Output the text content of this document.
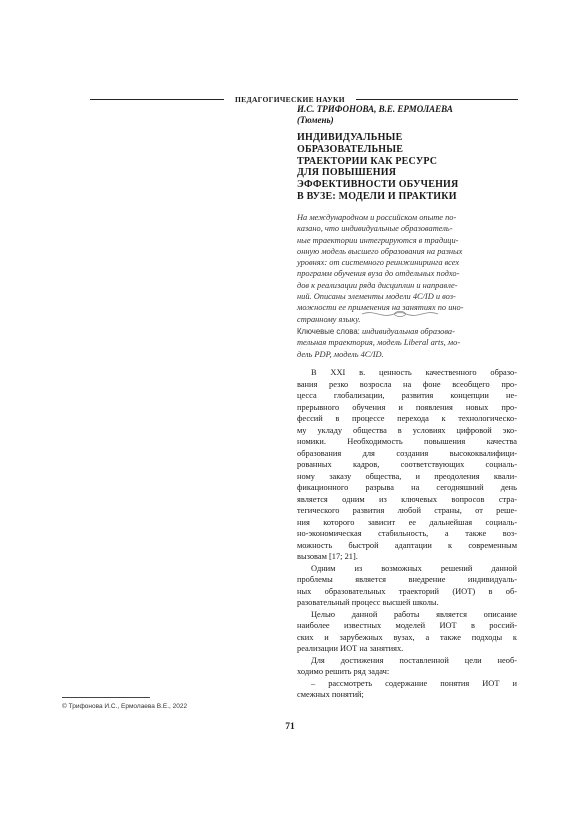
ПЕДАГОГИЧЕСКИЕ НАУКИ
И.С. ТРИФОНОВА, В.Е. ЕРМОЛАЕВА
(Тюмень)
ИНДИВИДУАЛЬНЫЕ
ОБРАЗОВАТЕЛЬНЫЕ
ТРАЕКТОРИИ КАК РЕСУРС
ДЛЯ ПОВЫШЕНИЯ
ЭФФЕКТИВНОСТИ ОБУЧЕНИЯ
В ВУЗЕ: МОДЕЛИ И ПРАКТИКИ
На международном и российском опыте по-
казано, что индивидуальные образователь-
ные траектории интегрируются в традици-
онную модель высшего образования на разных
уровнях: от системного реинжиниринга всех
программ обучения вуза до отдельных подхо-
дов к реализации ряда дисциплин и направле-
ний. Описаны элементы модели 4C/ID и воз-
можности ее применения на занятиях по ино-
странному языку.
Ключевые слова: индивидуальная образова-
тельная траектория, модель Liberal arts, мо-
дель PDP, модель 4C/ID.
В XXI в. ценность качественного образо-
вания резко возросла на фоне всеобщего про-
цесса глобализации, развития концепции не-
прерывного обучения и появления новых про-
фессий в процессе перехода к технологическо-
му укладу общества в условиях цифровой эко-
номики. Необходимость повышения качества
образования для создания высококвалифици-
рованных кадров, соответствующих социаль-
ному заказу общества, и преодоления квали-
фикационного разрыва на сегодняшний день
является одним из ключевых вопросов стра-
тегического развития любой страны, от реше-
ния которого зависит ее дальнейшая социаль-
но-экономическая стабильность, а также воз-
можность быстрой адаптации к современным
вызовам [17; 21].
Одним из возможных решений данной
проблемы является внедрение индивидуаль-
ных образовательных траекторий (ИОТ) в об-
разовательный процесс высшей школы.
Целью данной работы является описание
наиболее известных моделей ИОТ в россий-
ских и зарубежных вузах, а также подходы к
реализации ИОТ на занятиях.
Для достижения поставленной цели необ-
ходимо решить ряд задач:
– рассмотреть содержание понятия ИОТ и
смежных понятий;
© Трифонова И.С., Ермолаева В.Е., 2022
71
